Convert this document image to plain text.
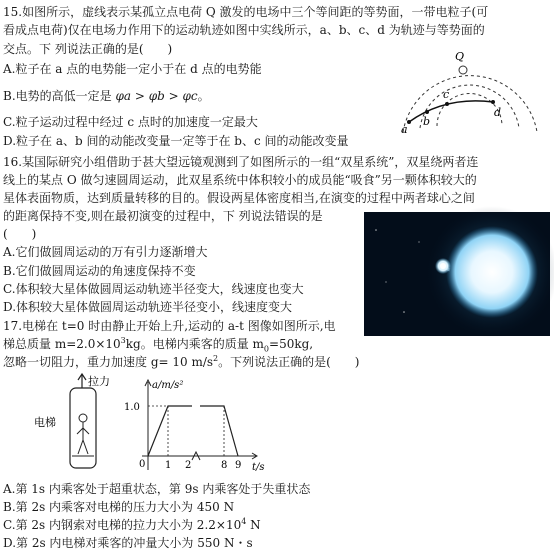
15.如图所示，虚线表示某孤立点电荷 Q 激发的电场中三个等间距的等势面，一带电粒子(可
看成点电荷)仅在电场力作用下的运动轨迹如图中实线所示，a、b、c、d 为轨迹与等势面的
交点。下 列说法正确的是(　　)
A.粒子在 a 点的电势能一定小于在 d 点的电势能
B.电势的高低一定是 φa > φb > φc。
C.粒子运动过程中经过 c 点时的加速度一定最大
D.粒子在 a、b 间的动能改变量一定等于在 b、c 间的动能改变量
Q
a
b
c
d
16.某国际研究小组借助于甚大望远镜观测到了如图所示的一组“双星系统”，双星绕两者连
线上的某点 O 做匀速圆周运动，此双星系统中体积较小的成员能“吸食”另一颗体积较大的
星体表面物质，达到质量转移的目的。假设两星体密度相当,在演变的过程中两者球心之间
的距离保持不变,则在最初演变的过程中，下 列说法错误的是
(　　)
A.它们做圆周运动的万有引力逐渐增大
B.它们做圆周运动的角速度保持不变
C.体积较大星体做圆周运动轨迹半径变大，线速度也变大
D.体积较大星体做圆周运动轨迹半径变小，线速度变大
17.电梯在 t=0 时由静止开始上升,运动的 a-t 图像如图所示,电
梯总质量 $m=2.0\times 10^3kg$。电梯内乘客的质量 $m_0=50kg$,
忽略一切阻力，重力加速度 g= 10 $m/s^2$。下列说法正确的是(　　)
拉力
电梯
a/m/s²
t/s
0
1.0
1 2	8 9
A.第 1s 内乘客处于超重状态，第 9s 内乘客处于失重状态
B.第 2s 内乘客对电梯的压力大小为 450 N
C.第 2s 内钢索对电梯的拉力大小为 $2.2\times 10^4$ N
D.第 2s 内电梯对乘客的冲量大小为 550 N・s
